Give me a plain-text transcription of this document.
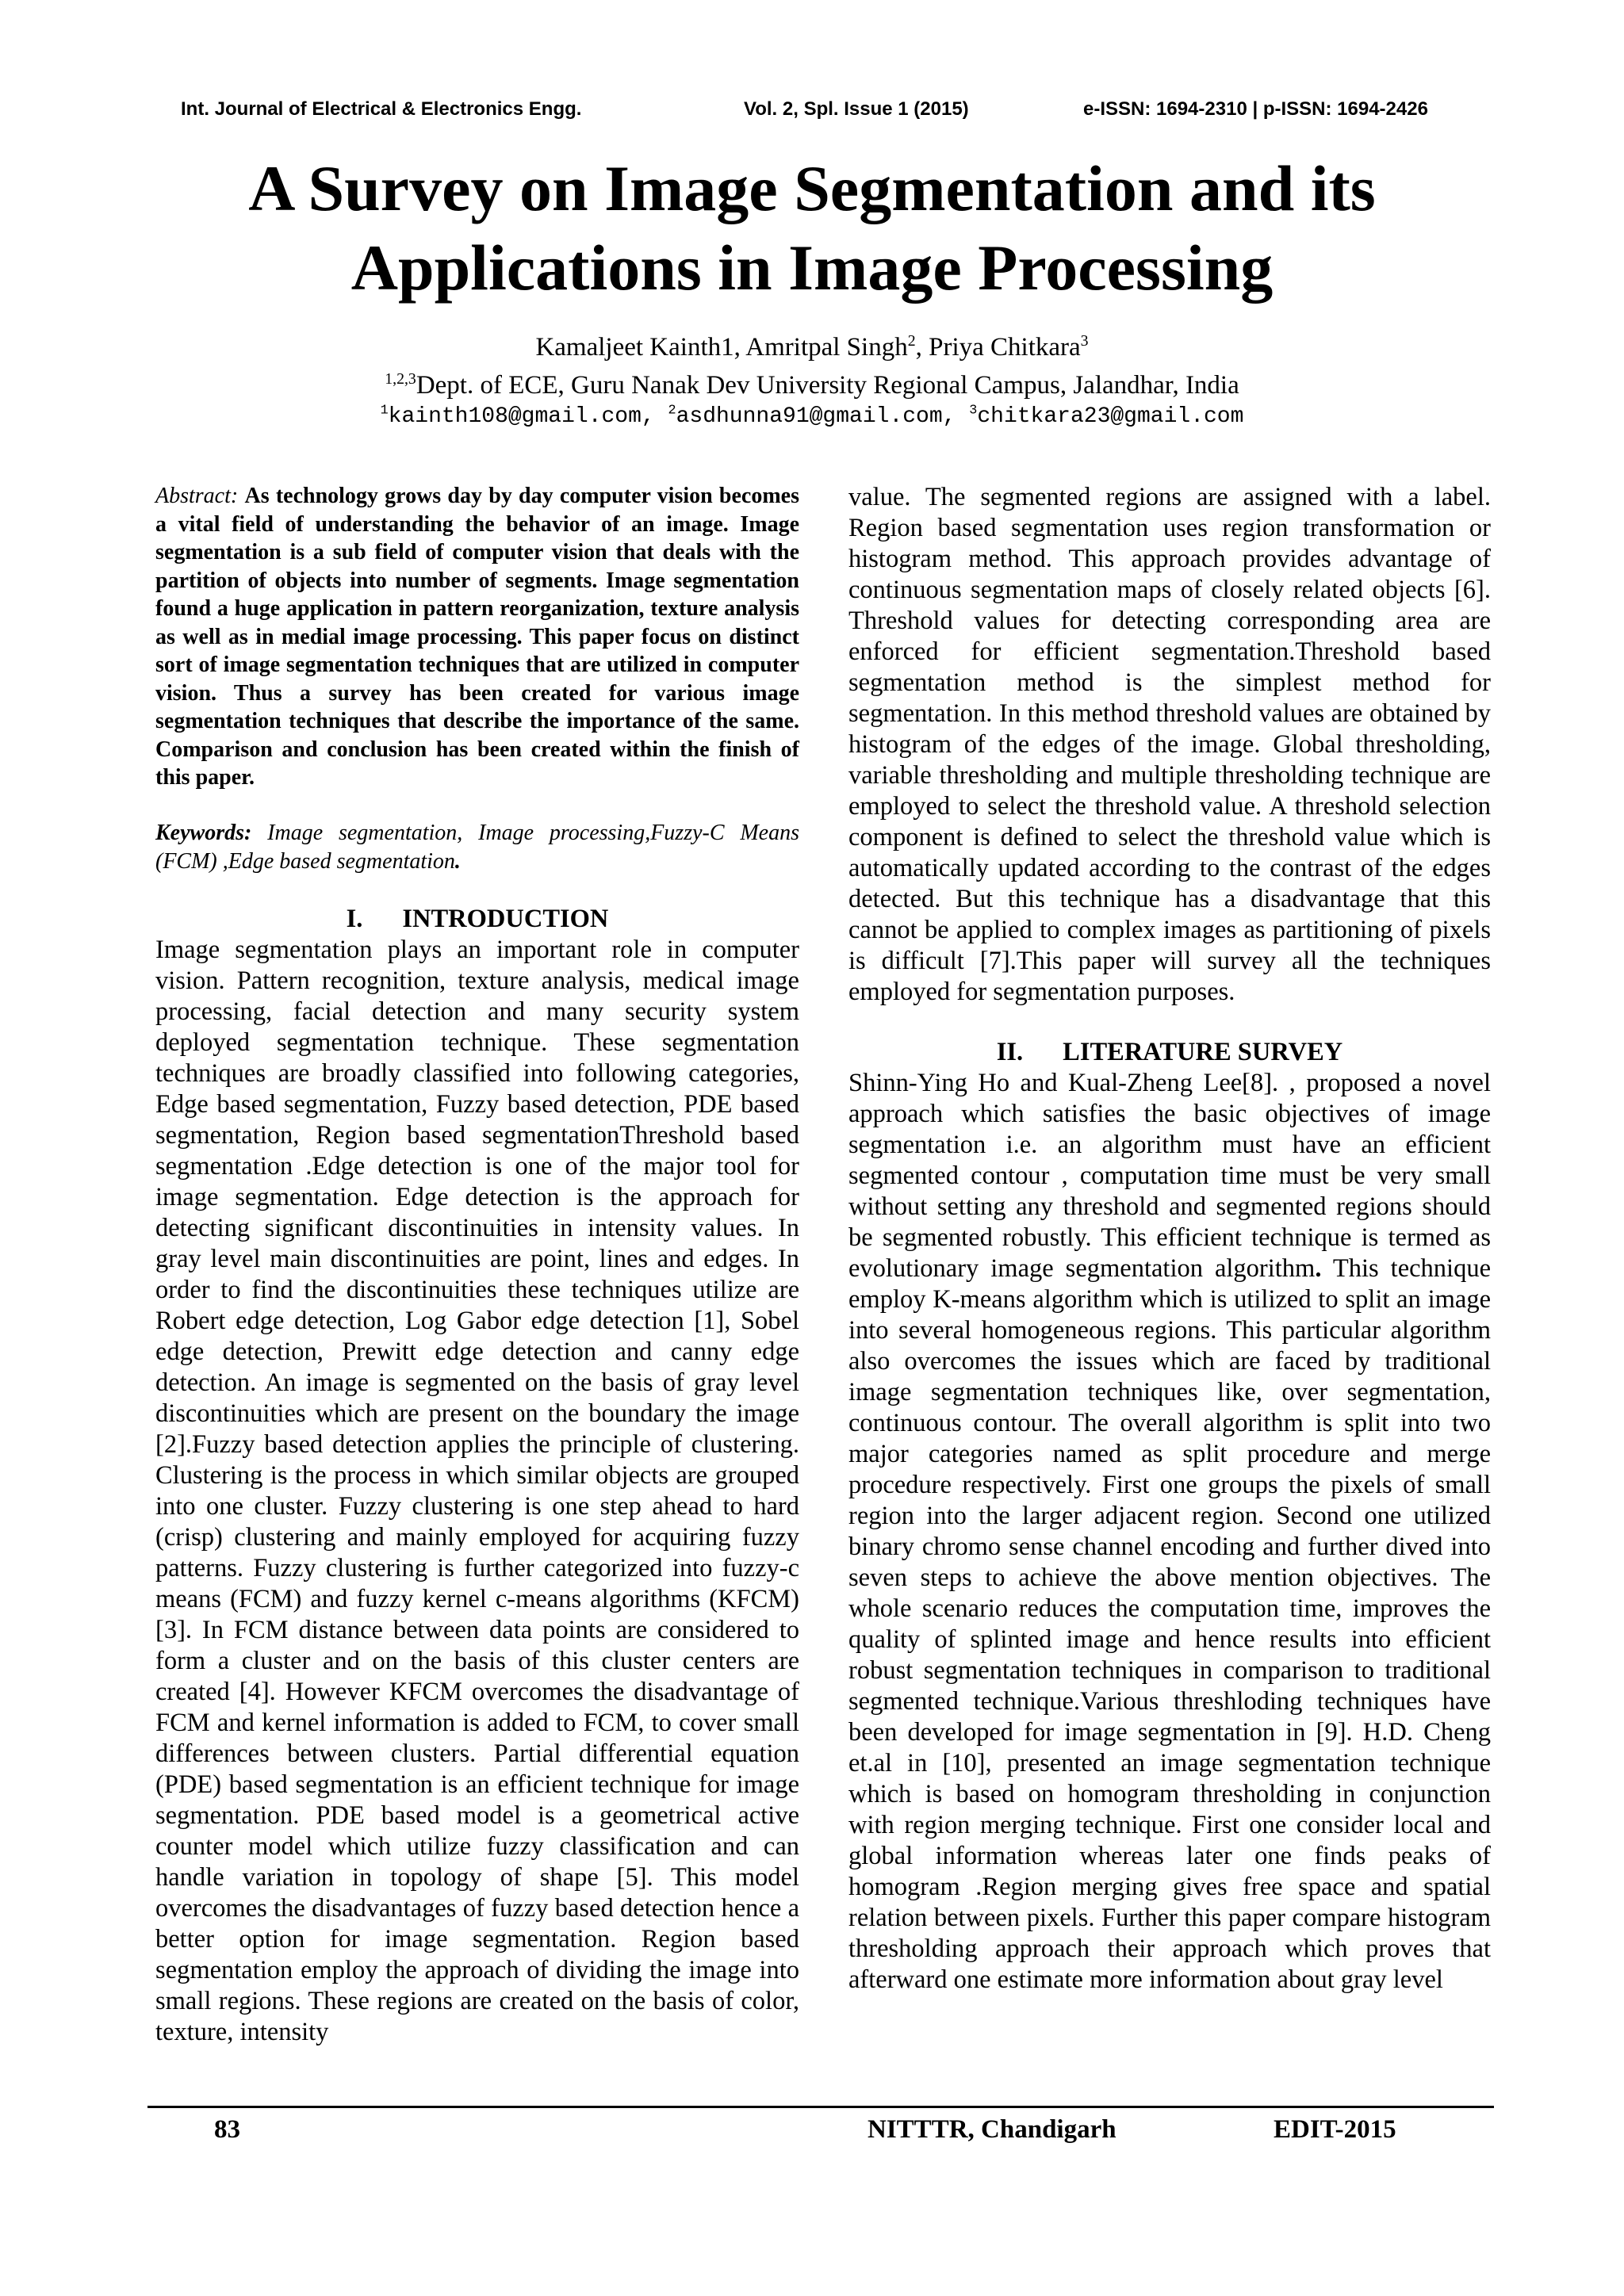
Int. Journal of Electrical & Electronics Engg.	Vol. 2, Spl. Issue 1 (2015)	e-ISSN: 1694-2310 | p-ISSN: 1694-2426
A Survey on Image Segmentation and its
Applications in Image Processing
Kamaljeet Kainth1, Amritpal Singh$^2$, Priya Chitkara$^3$
$^{1,2,3}$Dept. of ECE, Guru Nanak Dev University Regional Campus, Jalandhar, India
$^1$kainth108@gmail.com, $^2$asdhunna91@gmail.com, $^3$chitkara23@gmail.com

Abstract: As technology grows day by day computer vision becomes a vital field of understanding the behavior of an image. Image segmentation is a sub field of computer vision that deals with the partition of objects into number of segments. Image segmentation found a huge application in pattern reorganization, texture analysis as well as in medial image processing. This paper focus on distinct sort of image segmentation techniques that are utilized in computer vision. Thus a survey has been created for various image segmentation techniques that describe the importance of the same. Comparison and conclusion has been created within the finish of this paper.

Keywords: Image segmentation, Image processing,Fuzzy-C Means (FCM) ,Edge based segmentation.

I. INTRODUCTION

Image segmentation plays an important role in computer vision. Pattern recognition, texture analysis, medical image processing, facial detection and many security system deployed segmentation technique. These segmentation techniques are broadly classified into following categories, Edge based segmentation, Fuzzy based detection, PDE based segmentation, Region based segmentationThreshold based segmentation .Edge detection is one of the major tool for image segmentation. Edge detection is the approach for detecting significant discontinuities in intensity values. In gray level main discontinuities are point, lines and edges. In order to find the discontinuities these techniques utilize are Robert edge detection, Log Gabor edge detection [1], Sobel edge detection, Prewitt edge detection and canny edge detection. An image is segmented on the basis of gray level discontinuities which are present on the boundary the image [2].Fuzzy based detection applies the principle of clustering. Clustering is the process in which similar objects are grouped into one cluster. Fuzzy clustering is one step ahead to hard (crisp) clustering and mainly employed for acquiring fuzzy patterns. Fuzzy clustering is further categorized into fuzzy-c means (FCM) and fuzzy kernel c-means algorithms (KFCM) [3]. In FCM distance between data points are considered to form a cluster and on the basis of this cluster centers are created [4]. However KFCM overcomes the disadvantage of FCM and kernel information is added to FCM, to cover small differences between clusters. Partial differential equation (PDE) based segmentation is an efficient technique for image segmentation. PDE based model is a geometrical active counter model which utilize fuzzy classification and can handle variation in topology of shape [5]. This model overcomes the disadvantages of fuzzy based detection hence a better option for image segmentation. Region based segmentation employ the approach of dividing the image into small regions. These regions are created on the basis of color, texture, intensity

value. The segmented regions are assigned with a label. Region based segmentation uses region transformation or histogram method. This approach provides advantage of continuous segmentation maps of closely related objects [6]. Threshold values for detecting corresponding area are enforced for efficient segmentation.Threshold based segmentation method is the simplest method for segmentation. In this method threshold values are obtained by histogram of the edges of the image. Global thresholding, variable thresholding and multiple thresholding technique are employed to select the threshold value. A threshold selection component is defined to select the threshold value which is automatically updated according to the contrast of the edges detected. But this technique has a disadvantage that this cannot be applied to complex images as partitioning of pixels is difficult [7].This paper will survey all the techniques employed for segmentation purposes.

II. LITERATURE SURVEY

Shinn-Ying Ho and Kual-Zheng Lee[8]. , proposed a novel approach which satisfies the basic objectives of image segmentation i.e. an algorithm must have an efficient segmented contour , computation time must be very small without setting any threshold and segmented regions should be segmented robustly. This efficient technique is termed as evolutionary image segmentation algorithm. This technique employ K-means algorithm which is utilized to split an image into several homogeneous regions. This particular algorithm also overcomes the issues which are faced by traditional image segmentation techniques like, over segmentation, continuous contour. The overall algorithm is split into two major categories named as split procedure and merge procedure respectively. First one groups the pixels of small region into the larger adjacent region. Second one utilized binary chromo sense channel encoding and further dived into seven steps to achieve the above mention objectives. The whole scenario reduces the computation time, improves the quality of splinted image and hence results into efficient robust segmentation techniques in comparison to traditional segmented technique.Various threshloding techniques have been developed for image segmentation in [9]. H.D. Cheng et.al in [10], presented an image segmentation technique which is based on homogram thresholding in conjunction with region merging technique. First one consider local and global information whereas later one finds peaks of homogram .Region merging gives free space and spatial relation between pixels. Further this paper compare histogram thresholding approach their approach which proves that afterward one estimate more information about gray level

83	NITTTR, Chandigarh	EDIT-2015
